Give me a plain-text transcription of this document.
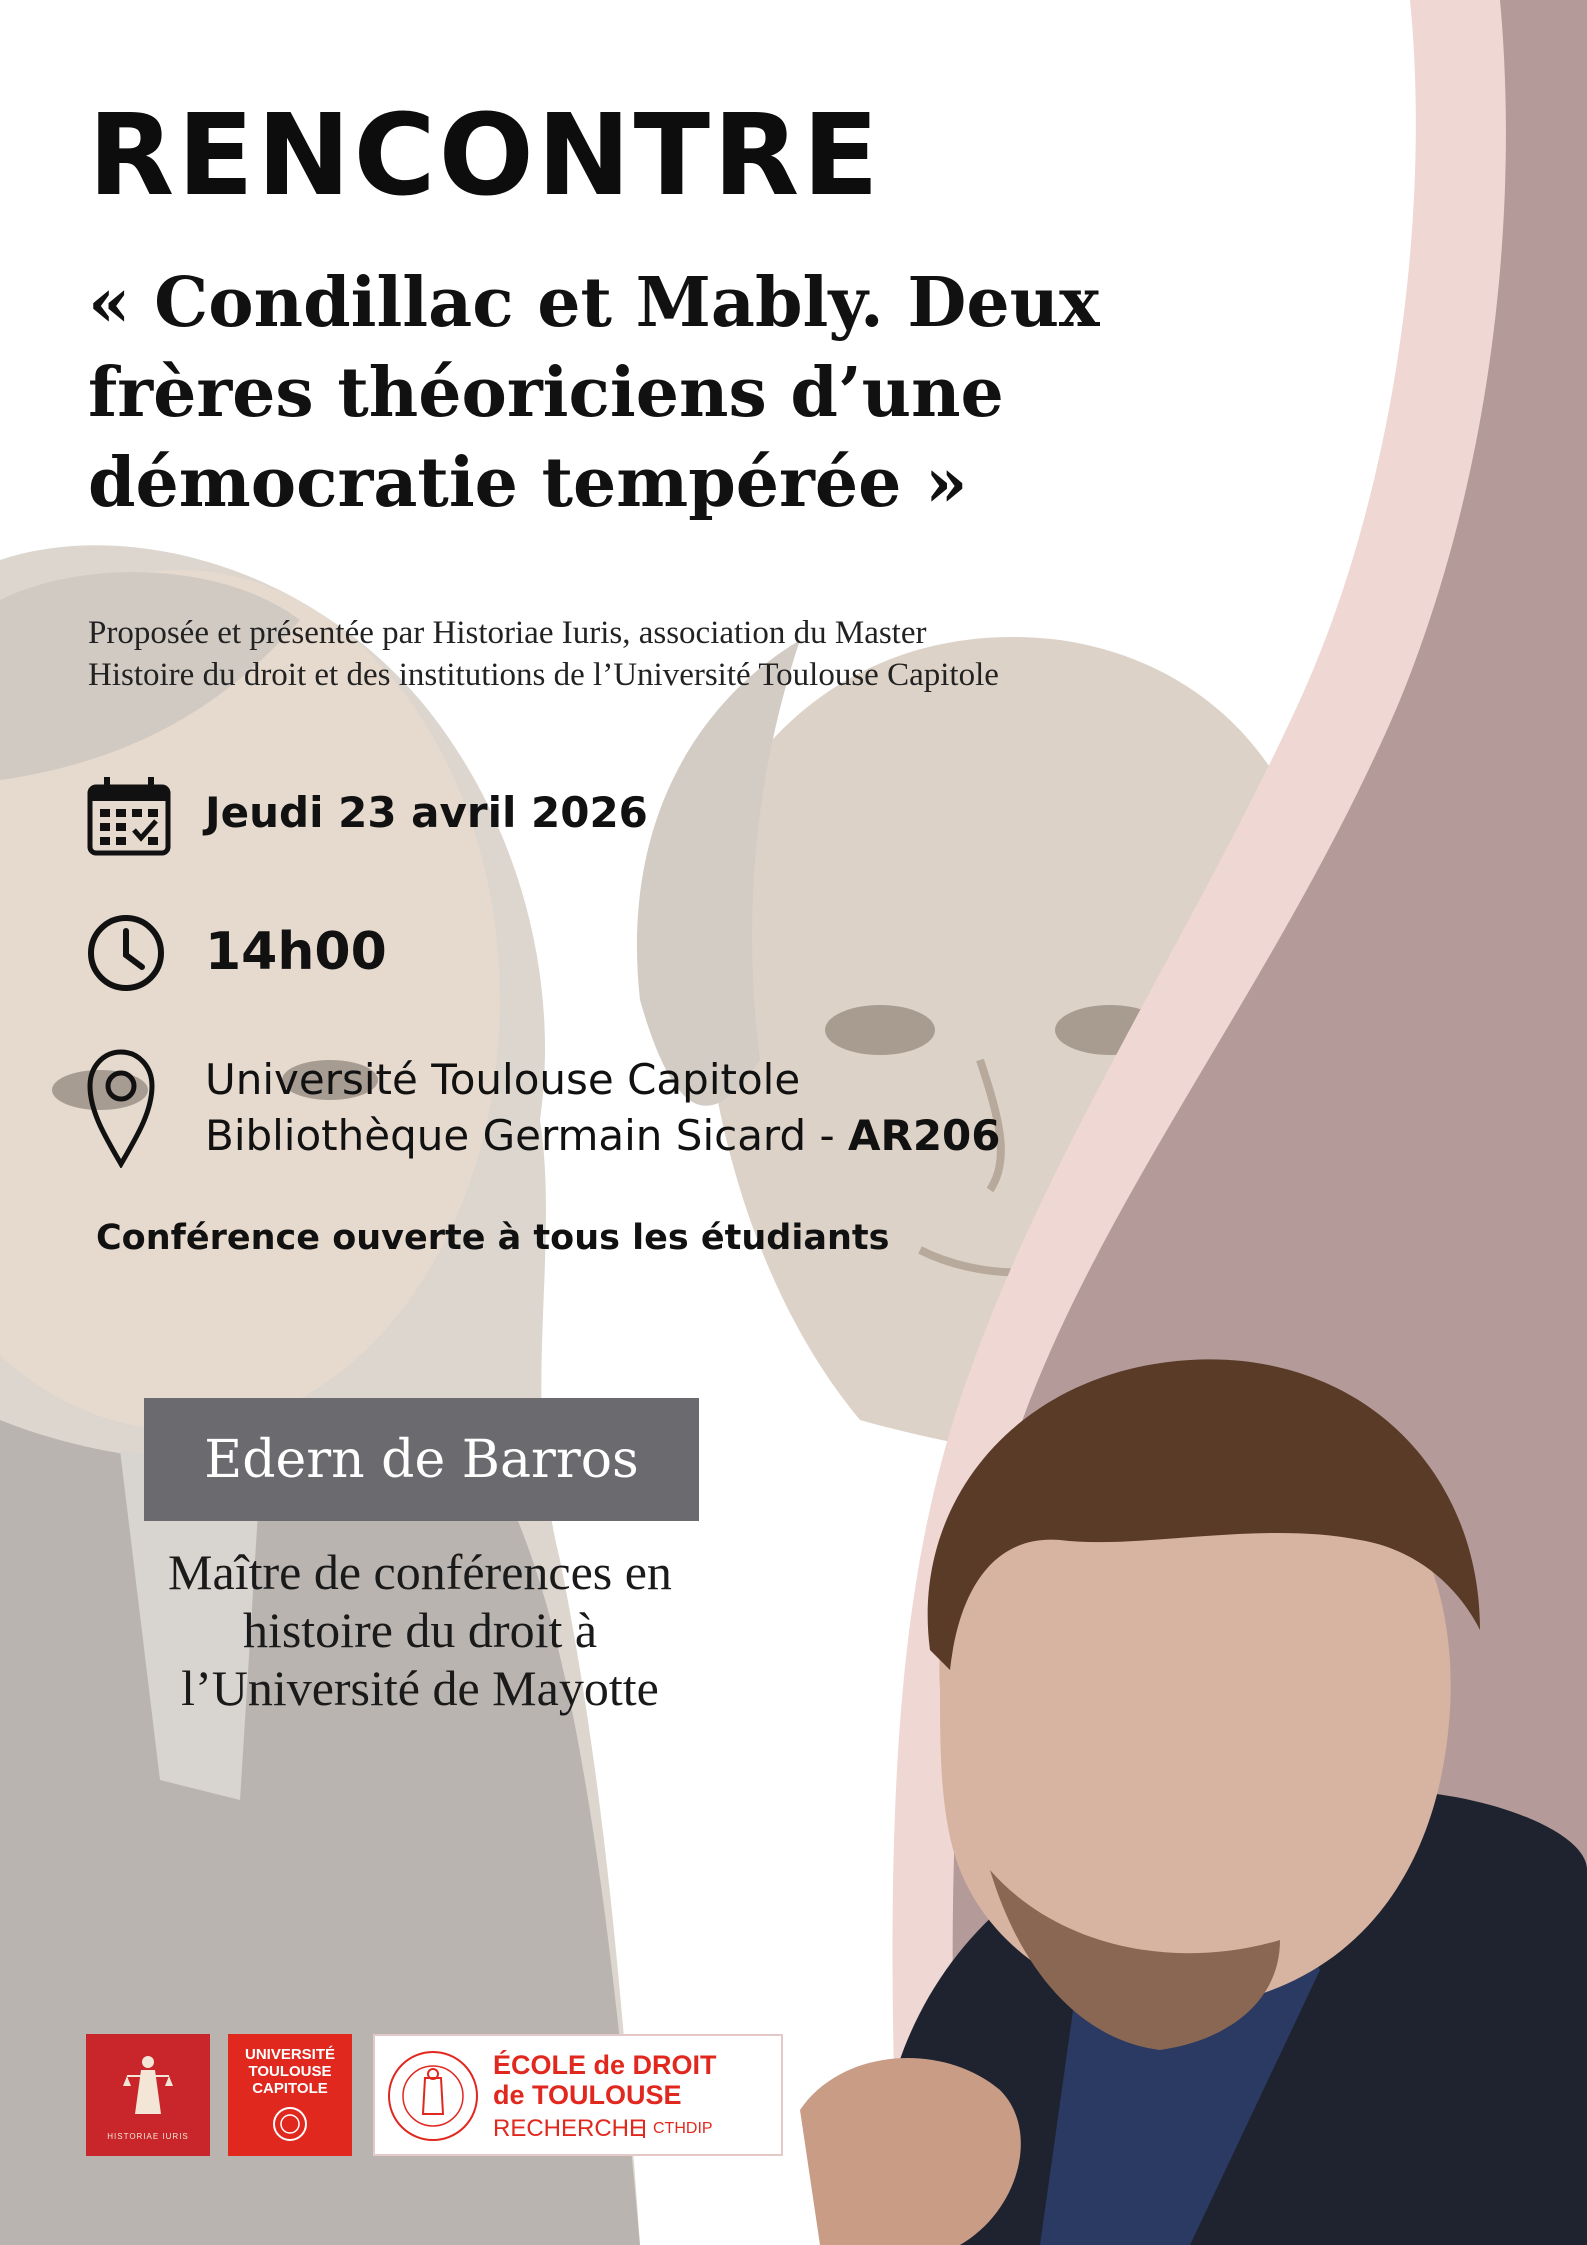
RENCONTRE
« Condillac et Mably. Deux
frères théoriciens d’une
démocratie tempérée »
Proposée et présentée par Historiae Iuris, association du Master
Histoire du droit et des institutions de l’Université Toulouse Capitole
Jeudi 23 avril 2026
14h00
Université Toulouse Capitole
Bibliothèque Germain Sicard - AR206
Conférence ouverte à tous les étudiants
Edern de Barros
Maître de conférences en
histoire du droit à
l’Université de Mayotte
HISTORIAE IURIS
UNIVERSITÉ
TOULOUSE
CAPITOLE
ÉCOLE de DROIT
de TOULOUSE
RECHERCHE CTHDIP
